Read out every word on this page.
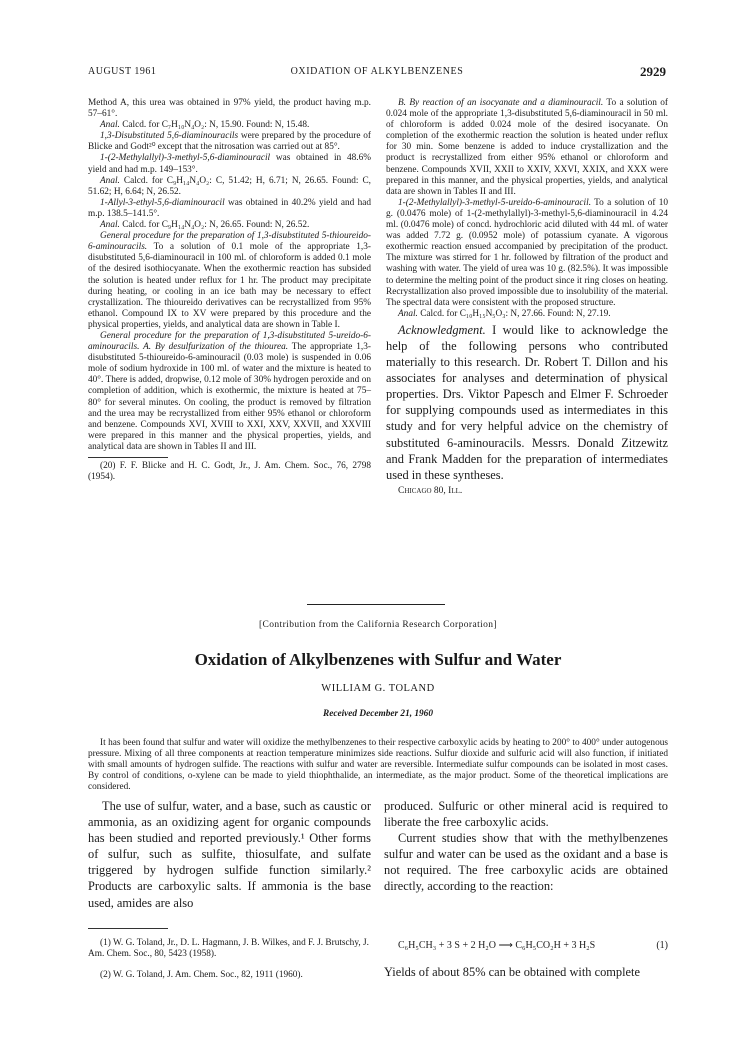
AUGUST 1961	OXIDATION OF ALKYLBENZENES	2929

Method A, this urea was obtained in 97% yield, the product having m.p. 57–61°.

Anal. Calcd. for C₇H₁₀N₄O₂: N, 15.90. Found: N, 15.48.

1,3-Disubstituted 5,6-diaminouracils were prepared by the procedure of Blicke and Godt²⁰ except that the nitrosation was carried out at 85°.

1-(2-Methylallyl)-3-methyl-5,6-diaminouracil was obtained in 48.6% yield and had m.p. 149–153°.

Anal. Calcd. for C₉H₁₄N₄O₂: C, 51.42; H, 6.71; N, 26.65. Found: C, 51.62; H, 6.64; N, 26.52.

1-Allyl-3-ethyl-5,6-diaminouracil was obtained in 40.2% yield and had m.p. 138.5–141.5°.

Anal. Calcd. for C₉H₁₄N₄O₂: N, 26.65. Found: N, 26.52.

General procedure for the preparation of 1,3-disubstituted 5-thioureido-6-aminouracils. To a solution of 0.1 mole of the appropriate 1,3-disubstituted 5,6-diaminouracil in 100 ml. of chloroform is added 0.1 mole of the desired isothiocyanate. When the exothermic reaction has subsided the solution is heated under reflux for 1 hr. The product may precipitate during heating, or cooling in an ice bath may be necessary to effect crystallization. The thioureido derivatives can be recrystallized from 95% ethanol. Compound IX to XV were prepared by this procedure and the physical properties, yields, and analytical data are shown in Table I.

General procedure for the preparation of 1,3-disubstituted 5-ureido-6-aminouracils. A. By desulfurization of the thiourea. The appropriate 1,3-disubstituted 5-thioureido-6-aminouracil (0.03 mole) is suspended in 0.06 mole of sodium hydroxide in 100 ml. of water and the mixture is heated to 40°. There is added, dropwise, 0.12 mole of 30% hydrogen peroxide and on completion of addition, which is exothermic, the mixture is heated at 75–80° for several minutes. On cooling, the product is removed by filtration and the urea may be recrystallized from either 95% ethanol or chloroform and benzene. Compounds XVI, XVIII to XXI, XXV, XXVII, and XXVIII were prepared in this manner and the physical properties, yields, and analytical data are shown in Tables II and III.

(20) F. F. Blicke and H. C. Godt, Jr., J. Am. Chem. Soc., 76, 2798 (1954).

B. By reaction of an isocyanate and a diaminouracil. To a solution of 0.024 mole of the appropriate 1,3-disubstituted 5,6-diaminouracil in 50 ml. of chloroform is added 0.024 mole of the desired isocyanate. On completion of the exothermic reaction the solution is heated under reflux for 30 min. Some benzene is added to induce crystallization and the product is recrystallized from either 95% ethanol or chloroform and benzene. Compounds XVII, XXII to XXIV, XXVI, XXIX, and XXX were prepared in this manner, and the physical properties, yields, and analytical data are shown in Tables II and III.

1-(2-Methylallyl)-3-methyl-5-ureido-6-aminouracil. To a solution of 10 g. (0.0476 mole) of 1-(2-methylallyl)-3-methyl-5,6-diaminouracil in 4.24 ml. (0.0476 mole) of concd. hydrochloric acid diluted with 44 ml. of water was added 7.72 g. (0.0952 mole) of potassium cyanate. A vigorous exothermic reaction ensued accompanied by precipitation of the product. The mixture was stirred for 1 hr. followed by filtration of the product and washing with water. The yield of urea was 10 g. (82.5%). It was impossible to determine the melting point of the product since it ring closes on heating. Recrystallization also proved impossible due to insolubility of the material. The spectral data were consistent with the proposed structure.

Anal. Calcd. for C₁₀H₁₅N₅O₃: N, 27.66. Found: N, 27.19.

Acknowledgment. I would like to acknowledge the help of the following persons who contributed materially to this research. Dr. Robert T. Dillon and his associates for analyses and determination of physical properties. Drs. Viktor Papesch and Elmer F. Schroeder for supplying compounds used as intermediates in this study and for very helpful advice on the chemistry of substituted 6-aminouracils. Messrs. Donald Zitzewitz and Frank Madden for the preparation of intermediates used in these syntheses.

Chicago 80, Ill.

[Contribution from the California Research Corporation]
Oxidation of Alkylbenzenes with Sulfur and Water
WILLIAM G. TOLAND
Received December 21, 1960

It has been found that sulfur and water will oxidize the methylbenzenes to their respective carboxylic acids by heating to 200° to 400° under autogenous pressure. Mixing of all three components at reaction temperature minimizes side reactions. Sulfur dioxide and sulfuric acid will also function, if initiated with small amounts of hydrogen sulfide. The reactions with sulfur and water are reversible. Intermediate sulfur compounds can be isolated in most cases. By control of conditions, o-xylene can be made to yield thiophthalide, an intermediate, as the major product. Some of the theoretical implications are considered.

The use of sulfur, water, and a base, such as caustic or ammonia, as an oxidizing agent for organic compounds has been studied and reported previously.¹ Other forms of sulfur, such as sulfite, thiosulfate, and sulfate triggered by hydrogen sulfide function similarly.² Products are carboxylic salts. If ammonia is the base used, amides are also

(1) W. G. Toland, Jr., D. L. Hagmann, J. B. Wilkes, and F. J. Brutschy, J. Am. Chem. Soc., 80, 5423 (1958).

(2) W. G. Toland, J. Am. Chem. Soc., 82, 1911 (1960).

produced. Sulfuric or other mineral acid is required to liberate the free carboxylic acids.

Current studies show that with the methylbenzenes sulfur and water can be used as the oxidant and a base is not required. The free carboxylic acids are obtained directly, according to the reaction:

C₆H₅CH₃ + 3 S + 2 H₂O ⟶ C₆H₅CO₂H + 3 H₂S	(1)

Yields of about 85% can be obtained with complete
